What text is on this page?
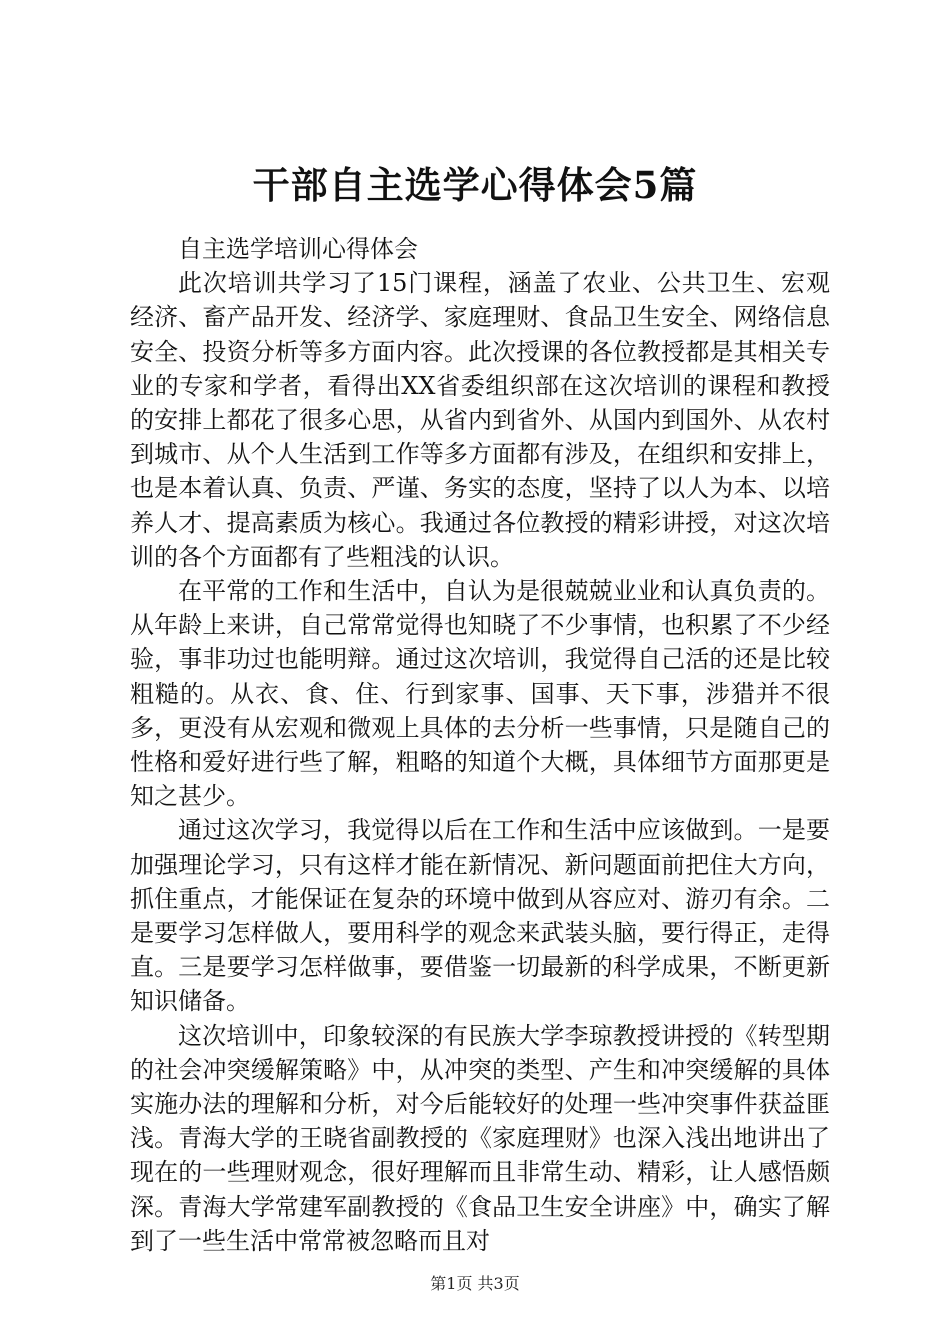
干部自主选学心得体会5篇

自主选学培训心得体会

此次培训共学习了15门课程，涵盖了农业、公共卫生、宏观经济、畜产品开发、经济学、家庭理财、食品卫生安全、网络信息安全、投资分析等多方面内容。此次授课的各位教授都是其相关专业的专家和学者，看得出XX省委组织部在这次培训的课程和教授的安排上都花了很多心思，从省内到省外、从国内到国外、从农村到城市、从个人生活到工作等多方面都有涉及，在组织和安排上，也是本着认真、负责、严谨、务实的态度，坚持了以人为本、以培养人才、提高素质为核心。我通过各位教授的精彩讲授，对这次培训的各个方面都有了些粗浅的认识。

在平常的工作和生活中，自认为是很兢兢业业和认真负责的。从年龄上来讲，自己常常觉得也知晓了不少事情，也积累了不少经验，事非功过也能明辩。通过这次培训，我觉得自己活的还是比较粗糙的。从衣、食、住、行到家事、国事、天下事，涉猎并不很多，更没有从宏观和微观上具体的去分析一些事情，只是随自己的性格和爱好进行些了解，粗略的知道个大概，具体细节方面那更是知之甚少。

通过这次学习，我觉得以后在工作和生活中应该做到。一是要加强理论学习，只有这样才能在新情况、新问题面前把住大方向，抓住重点，才能保证在复杂的环境中做到从容应对、游刃有余。二是要学习怎样做人，要用科学的观念来武装头脑，要行得正，走得直。三是要学习怎样做事，要借鉴一切最新的科学成果，不断更新知识储备。

这次培训中，印象较深的有民族大学李琼教授讲授的《转型期的社会冲突缓解策略》中，从冲突的类型、产生和冲突缓解的具体实施办法的理解和分析，对今后能较好的处理一些冲突事件获益匪浅。青海大学的王晓省副教授的《家庭理财》也深入浅出地讲出了现在的一些理财观念，很好理解而且非常生动、精彩，让人感悟颇深。青海大学常建军副教授的《食品卫生安全讲座》中，确实了解到了一些生活中常常被忽略而且对

第1页 共3页
